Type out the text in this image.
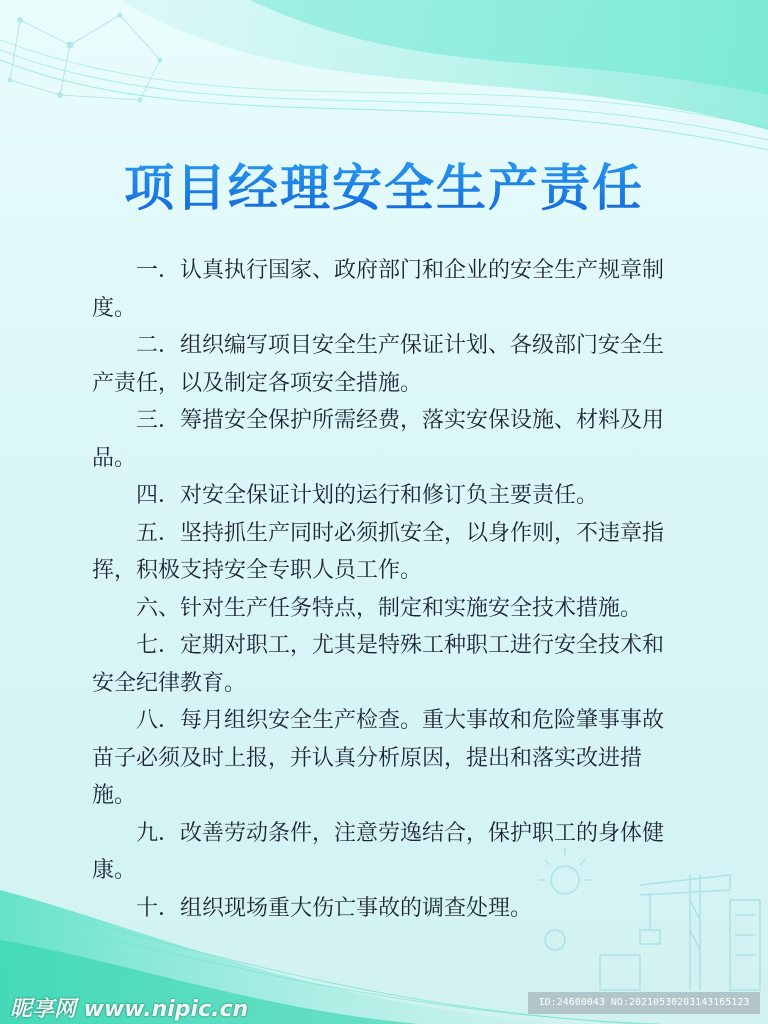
项目经理安全生产责任

一．认真执行国家、政府部门和企业的安全生产规章制度。

二．组织编写项目安全生产保证计划、各级部门安全生产责任，以及制定各项安全措施。

三．筹措安全保护所需经费，落实安保设施、材料及用品。

四．对安全保证计划的运行和修订负主要责任。

五．坚持抓生产同时必须抓安全，以身作则，不违章指挥，积极支持安全专职人员工作。

六、针对生产任务特点，制定和实施安全技术措施。

七．定期对职工，尤其是特殊工种职工进行安全技术和安全纪律教育。

八．每月组织安全生产检查。重大事故和危险肇事事故苗子必须及时上报，并认真分析原因，提出和落实改进措施。

九．改善劳动条件，注意劳逸结合，保护职工的身体健康。

十．组织现场重大伤亡事故的调查处理。

昵享网 www.nipic.cn	ID:24600043 NO:20210530203143165123
